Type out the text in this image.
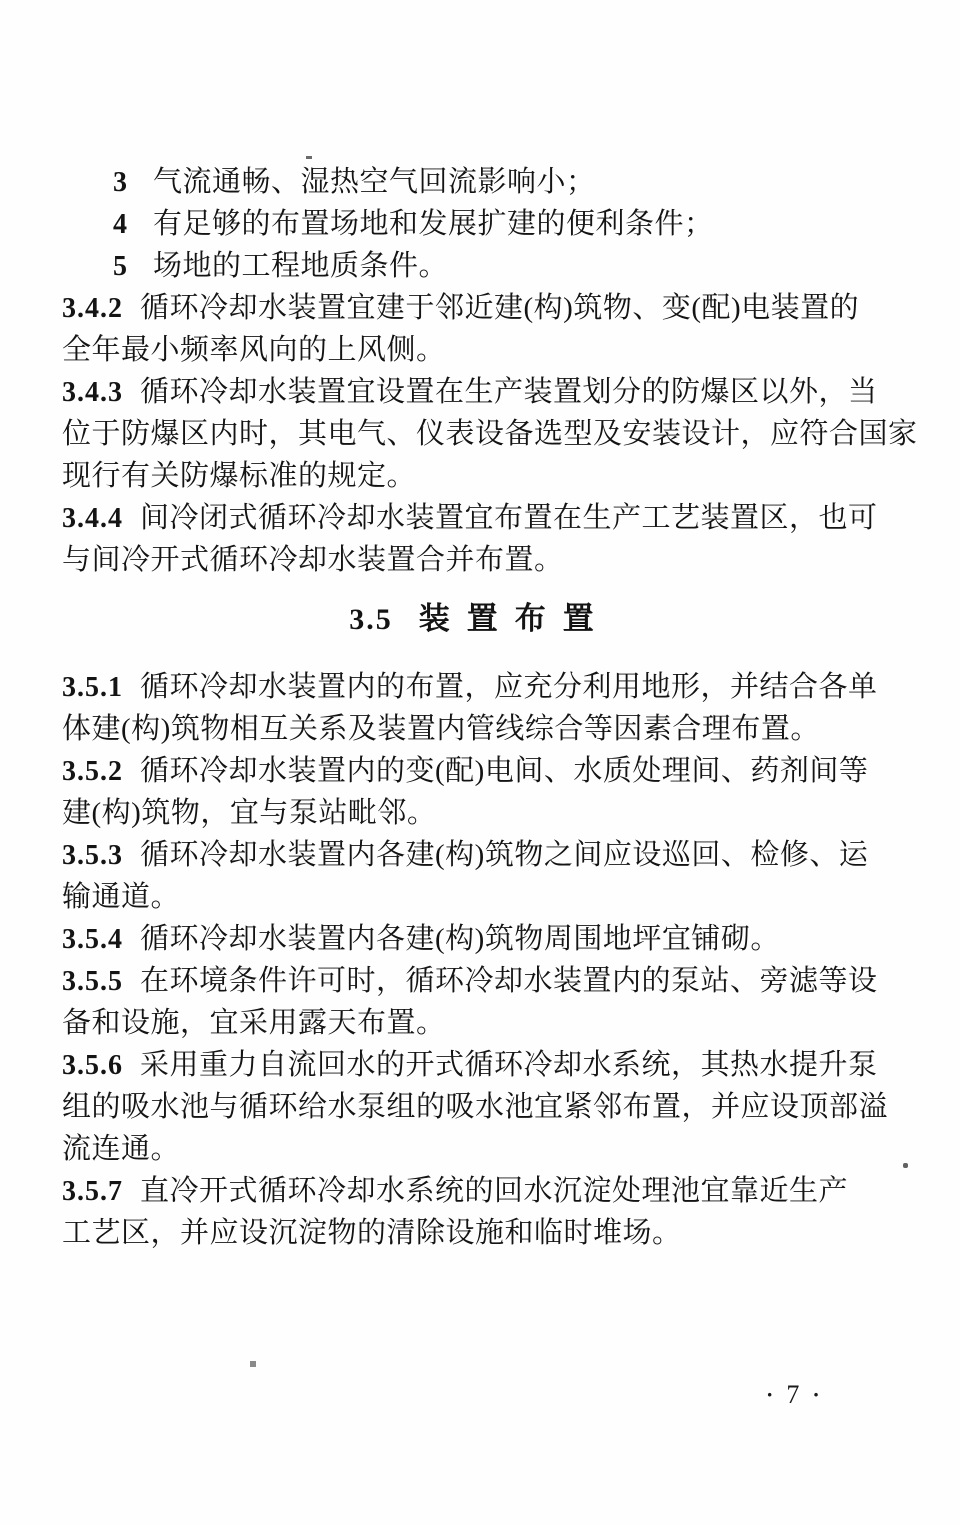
3 气流通畅、湿热空气回流影响小；
4 有足够的布置场地和发展扩建的便利条件；
5 场地的工程地质条件。
3.4.2 循环冷却水装置宜建于邻近建(构)筑物、变(配)电装置的
全年最小频率风向的上风侧。
3.4.3 循环冷却水装置宜设置在生产装置划分的防爆区以外，当
位于防爆区内时，其电气、仪表设备选型及安装设计，应符合国家
现行有关防爆标准的规定。
3.4.4 间冷闭式循环冷却水装置宜布置在生产工艺装置区，也可
与间冷开式循环冷却水装置合并布置。
3.5 装置布置
3.5.1 循环冷却水装置内的布置，应充分利用地形，并结合各单
体建(构)筑物相互关系及装置内管线综合等因素合理布置。
3.5.2 循环冷却水装置内的变(配)电间、水质处理间、药剂间等
建(构)筑物，宜与泵站毗邻。
3.5.3 循环冷却水装置内各建(构)筑物之间应设巡回、检修、运
输通道。
3.5.4 循环冷却水装置内各建(构)筑物周围地坪宜铺砌。
3.5.5 在环境条件许可时，循环冷却水装置内的泵站、旁滤等设
备和设施，宜采用露天布置。
3.5.6 采用重力自流回水的开式循环冷却水系统，其热水提升泵
组的吸水池与循环给水泵组的吸水池宜紧邻布置，并应设顶部溢
流连通。
3.5.7 直冷开式循环冷却水系统的回水沉淀处理池宜靠近生产
工艺区，并应设沉淀物的清除设施和临时堆场。
· 7 ·
